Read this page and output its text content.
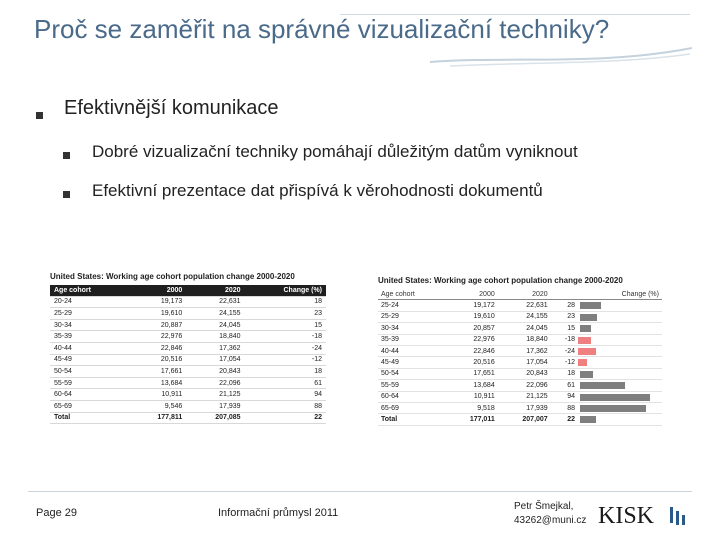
Proč se zaměřit na správné vizualizační techniky?
Efektivnější komunikace
Dobré vizualizační techniky pomáhají důležitým datům vyniknout
Efektivní prezentace dat přispívá k věrohodnosti dokumentů
United States: Working age cohort population change 2000-2020
Age cohort	2000	2020	Change (%)
20-24	19,173	22,631	18
25-29	19,610	24,155	23
30-34	20,887	24,045	15
35-39	22,976	18,840	-18
40-44	22,846	17,362	-24
45-49	20,516	17,054	-12
50-54	17,661	20,843	18
55-59	13,684	22,096	61
60-64	10,911	21,125	94
65-69	9,546	17,939	88
Total	177,811	207,085	22
United States: Working age cohort population change 2000-2020
Age cohort	2000	2020	Change (%)	
25-24	19,172	22,631	28	

25-29	19,610	24,155	23	

30-34	20,857	24,045	15	

35-39	22,976	18,840	-18	

40-44	22,846	17,362	-24	

45-49	20,516	17,054	-12	

50-54	17,651	20,843	18	

55-59	13,684	22,096	61	

60-64	10,911	21,125	94	

65-69	9,518	17,939	88	

Total	177,011	207,007	22	
Page 29	Informační průmysl 2011
Petr Šmejkal,
43262@muni.cz KISK
